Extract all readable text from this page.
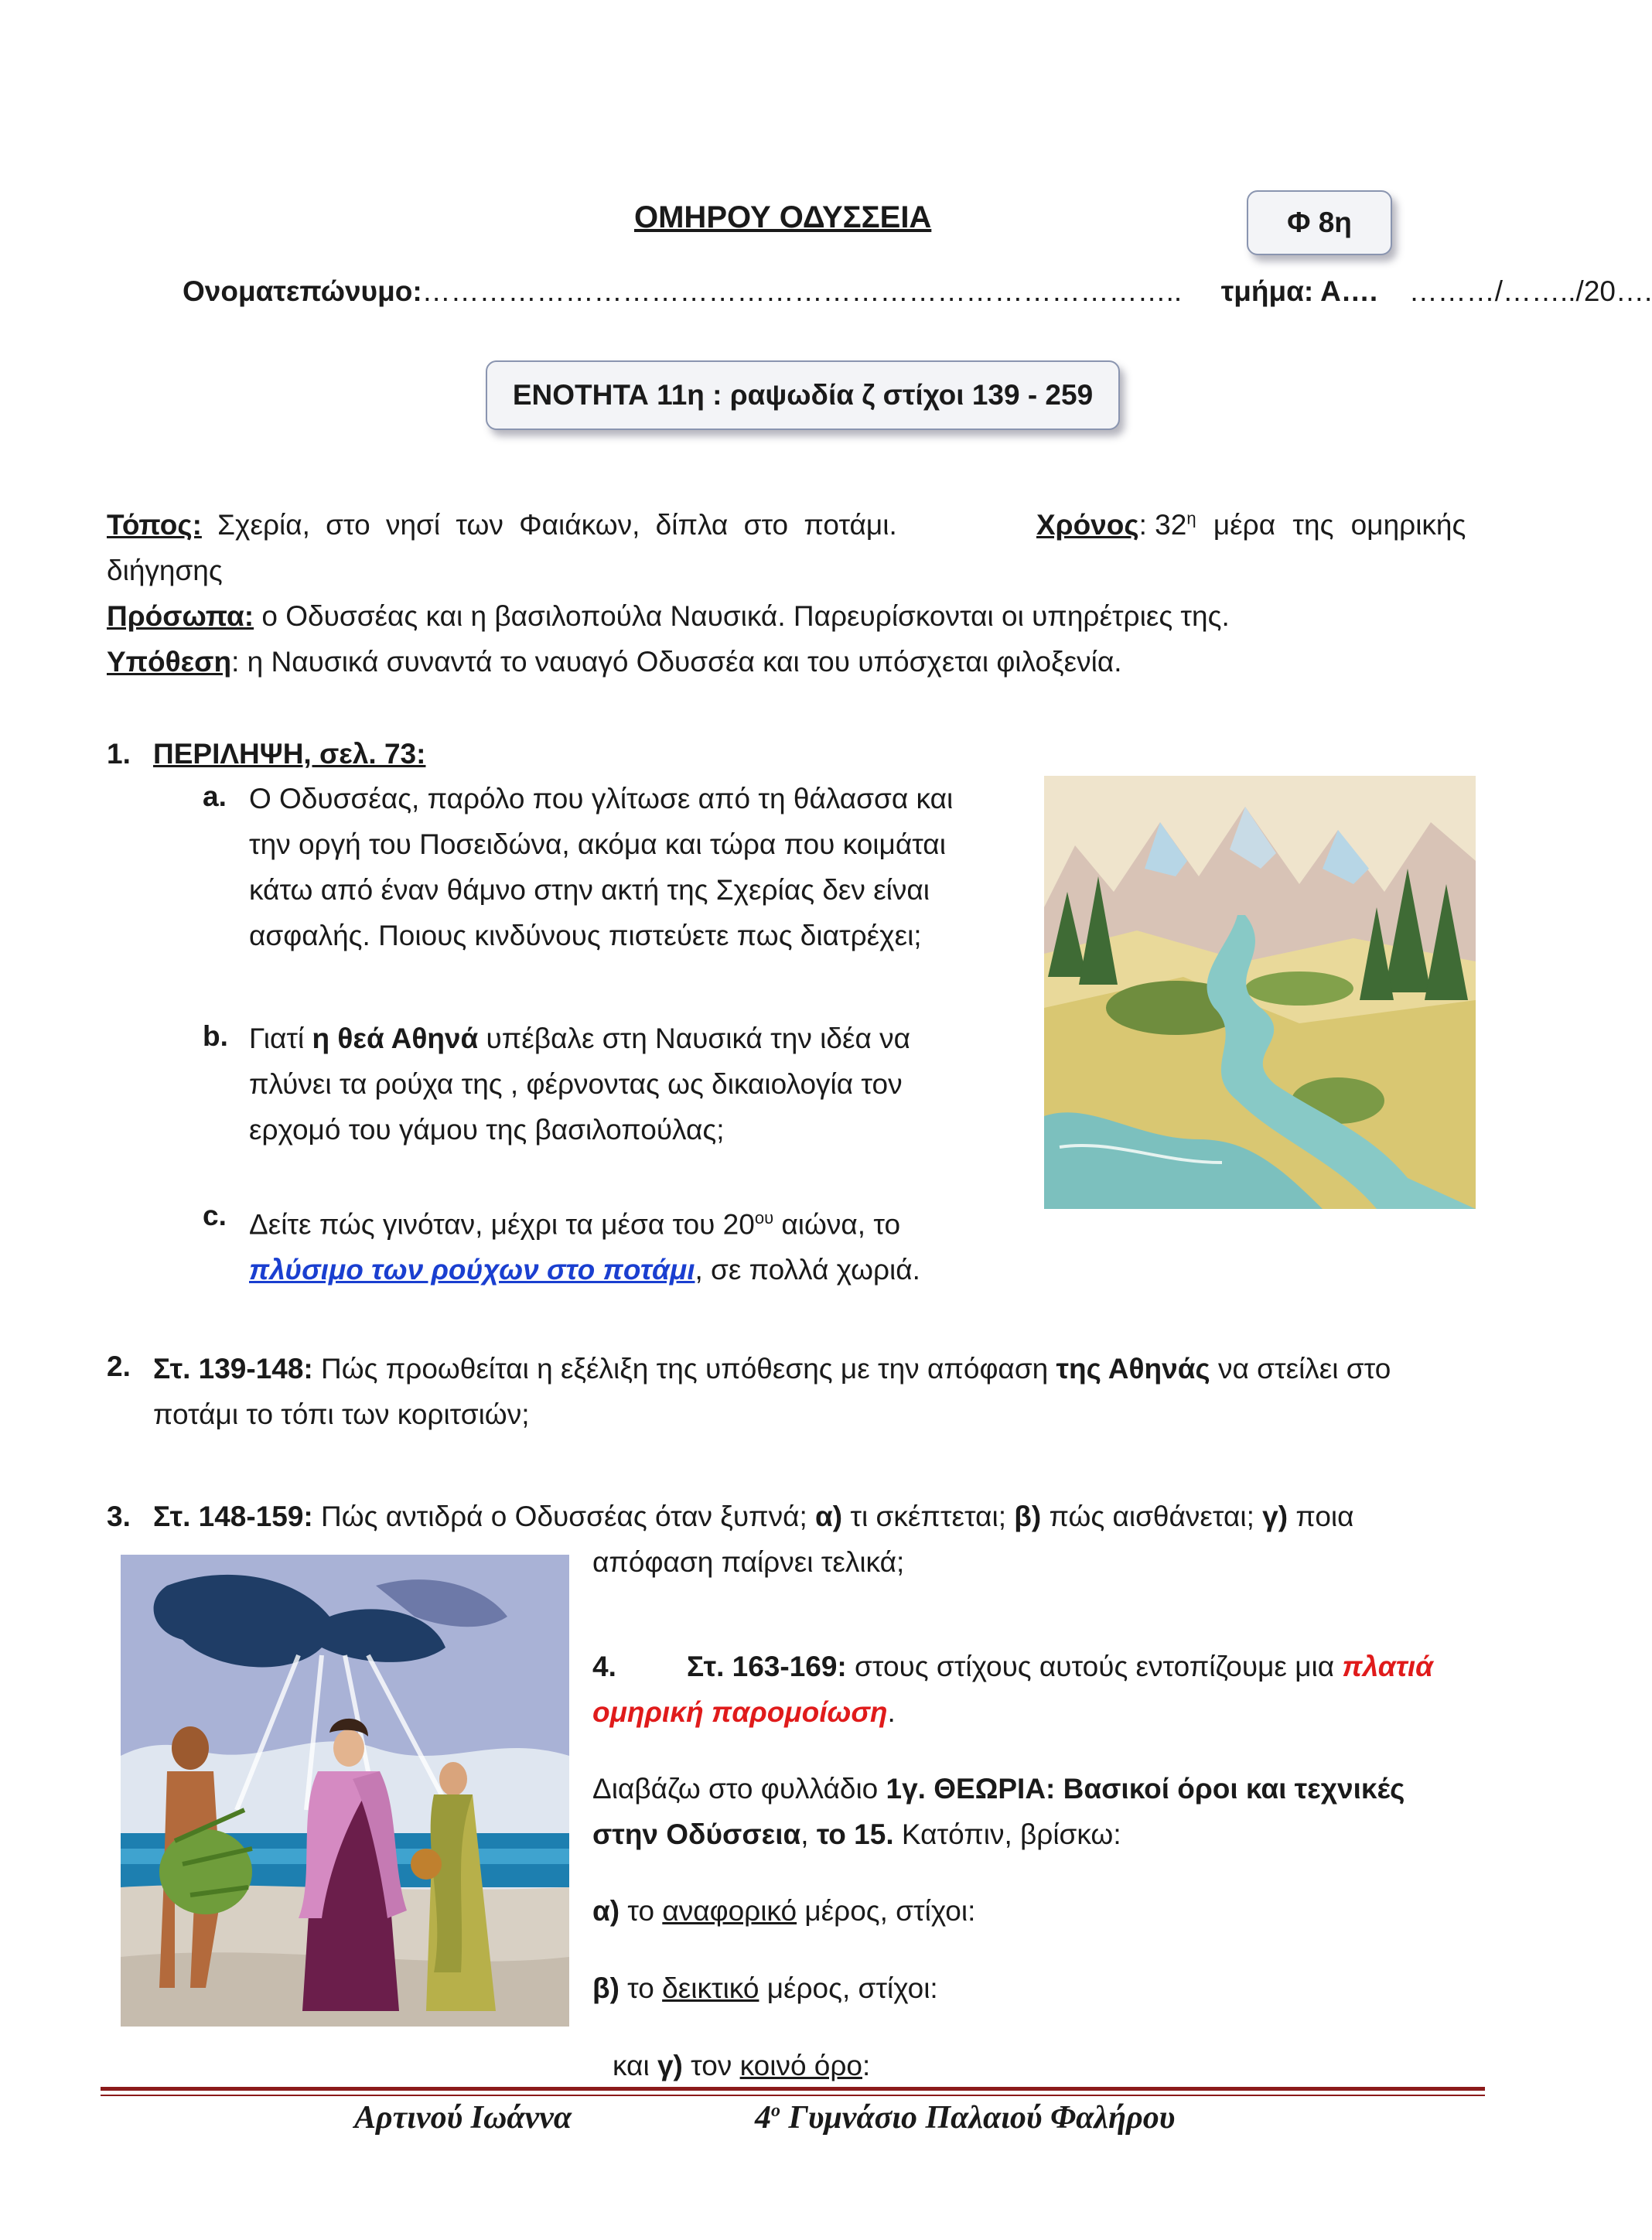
ΟΜΗΡΟΥ ΟΔΥΣΣΕΙΑ	Φ 8η
Ονοματεπώνυμο:…………………………………………………………………….. τμήμα: Α…. ………/……../20….
ΕΝΟΤΗΤΑ 11η : ραψωδία ζ στίχοι 139 - 259
Τόπος: Σχερία, στο νησί των Φαιάκων, δίπλα στο ποτάμι.	Χρόνος: $32^\eta$ μέρα της ομηρικής
διήγησης
Πρόσωπα: ο Οδυσσέας και η βασιλοπούλα Ναυσικά. Παρευρίσκονται οι υπηρέτριες της.
Υπόθεση: η Ναυσικά συναντά το ναυαγό Οδυσσέα και του υπόσχεται φιλοξενία.
1. ΠΕΡΙΛΗΨΗ, σελ. 73:
a. Ο Οδυσσέας, παρόλο που γλίτωσε από τη θάλασσα και
την οργή του Ποσειδώνα, ακόμα και τώρα που κοιμάται
κάτω από έναν θάμνο στην ακτή της Σχερίας δεν είναι
ασφαλής. Ποιους κινδύνους πιστεύετε πως διατρέχει;
b. Γιατί η θεά Αθηνά υπέβαλε στη Ναυσικά την ιδέα να
πλύνει τα ρούχα της , φέρνοντας ως δικαιολογία τον
ερχομό του γάμου της βασιλοπούλας;
c. Δείτε πώς γινόταν, μέχρι τα μέσα του $20^{o\upsilon}$ αιώνα, το
πλύσιμο των ρούχων στο ποτάμι, σε πολλά χωριά.
2. Στ. 139-148: Πώς προωθείται η εξέλιξη της υπόθεσης με την απόφαση της Αθηνάς να στείλει στο
ποτάμι το τόπι των κοριτσιών;
3. Στ. 148-159: Πώς αντιδρά ο Οδυσσέας όταν ξυπνά; α) τι σκέπτεται; β) πώς αισθάνεται; γ) ποια
απόφαση παίρνει τελικά;
4. Στ. 163-169: στους στίχους αυτούς εντοπίζουμε μια πλατιά
ομηρική παρομοίωση.
Διαβάζω στο φυλλάδιο 1γ. ΘΕΩΡΙΑ: Βασικοί όροι και τεχνικές
στην Οδύσσεια, το 15. Κατόπιν, βρίσκω:
α) το αναφορικό μέρος, στίχοι:
β) το δεικτικό μέρος, στίχοι:
και γ) τον κοινό όρο:
Αρτινού Ιωάννα	$4^o$ Γυμνάσιο Παλαιού Φαλήρου
